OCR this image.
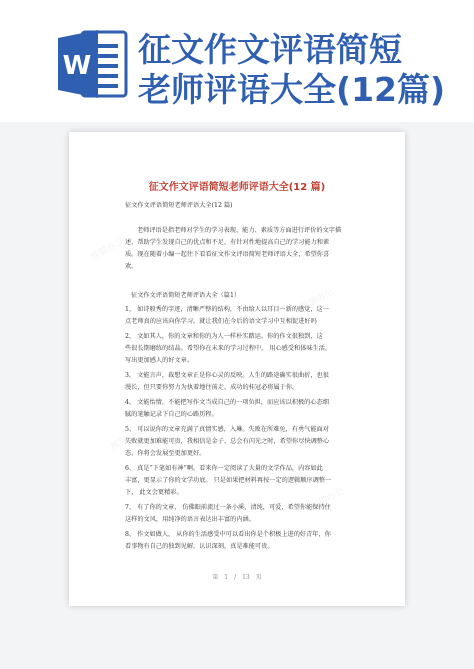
W 征文作文评语简短
老师评语大全(12篇)
熊猫办公
熊猫办公
熊猫办公
熊猫办公
征文作文评语简短老师评语大全(12 篇)
征文作文评语简短老师评语大全(12 篇)
老师评语是指老师对学生的学习表现、能力、素质等方面进行评价的文字描
述，帮助学生发现自己的优点和不足，有针对性地提高自己的学习能力和素
质。现在随着小编一起往下看看征文作文评语简短老师评语大全，希望你喜
欢。
征文作文评语简短老师评语大全（篇1）
1、 如诗般秀的字迹，清晰严整的结构，不由给人以耳目一新的感觉，这一
点老师真的应该向你学习。就让我们在今后的语文学习中互相促进好吗
2、 文如其人，你的文章和你的为人一样朴实踏运。你的作文很独到，这
些很长期磨练的结晶。希望你在未来的学习过程中， 用心感受和体味生活，
写出更加感人的好文章。
3、 文能言声，裁想文章正是你心灵的反映。人生的路途确实很曲折，也很
漫长，但只要你努力为执着地往前走，成功的桂冠必将属于你。
4、 文能怡情，不能把写作文当成自己的一项负担，而应该以积极的心态细
腻的笔触记录下自己的心路历程。
5、 可以说你的文章充满了真情实感，入琳。失败在所难免，有勇气能面对
失败就更加难能可贵，我相信是金子，总会有闪光之时，希望你尽快调整心
态，你将会发展至更加更好。
6、 真是“下笔如有神”啊。看来你一定阅读了大量的文学作品，内容如此
丰富，更显示了你的文学功底。 只是如果把材料再按一定的逻辑顺序调整一
下， 此文会更精彩。
7、 有了你的文章， 仿佛眼前流过一条小溪，清纯，可爱，希望你能保持住
这样的文风，用纯净的语言表达出丰富的内涵。
8、 作文如做人， 从你的生活感受中可以看出你是个积极上进的好青年，你
看事物有自己的独到见解，认识深刻，真是难能可贵。
第 1 / 13 页
